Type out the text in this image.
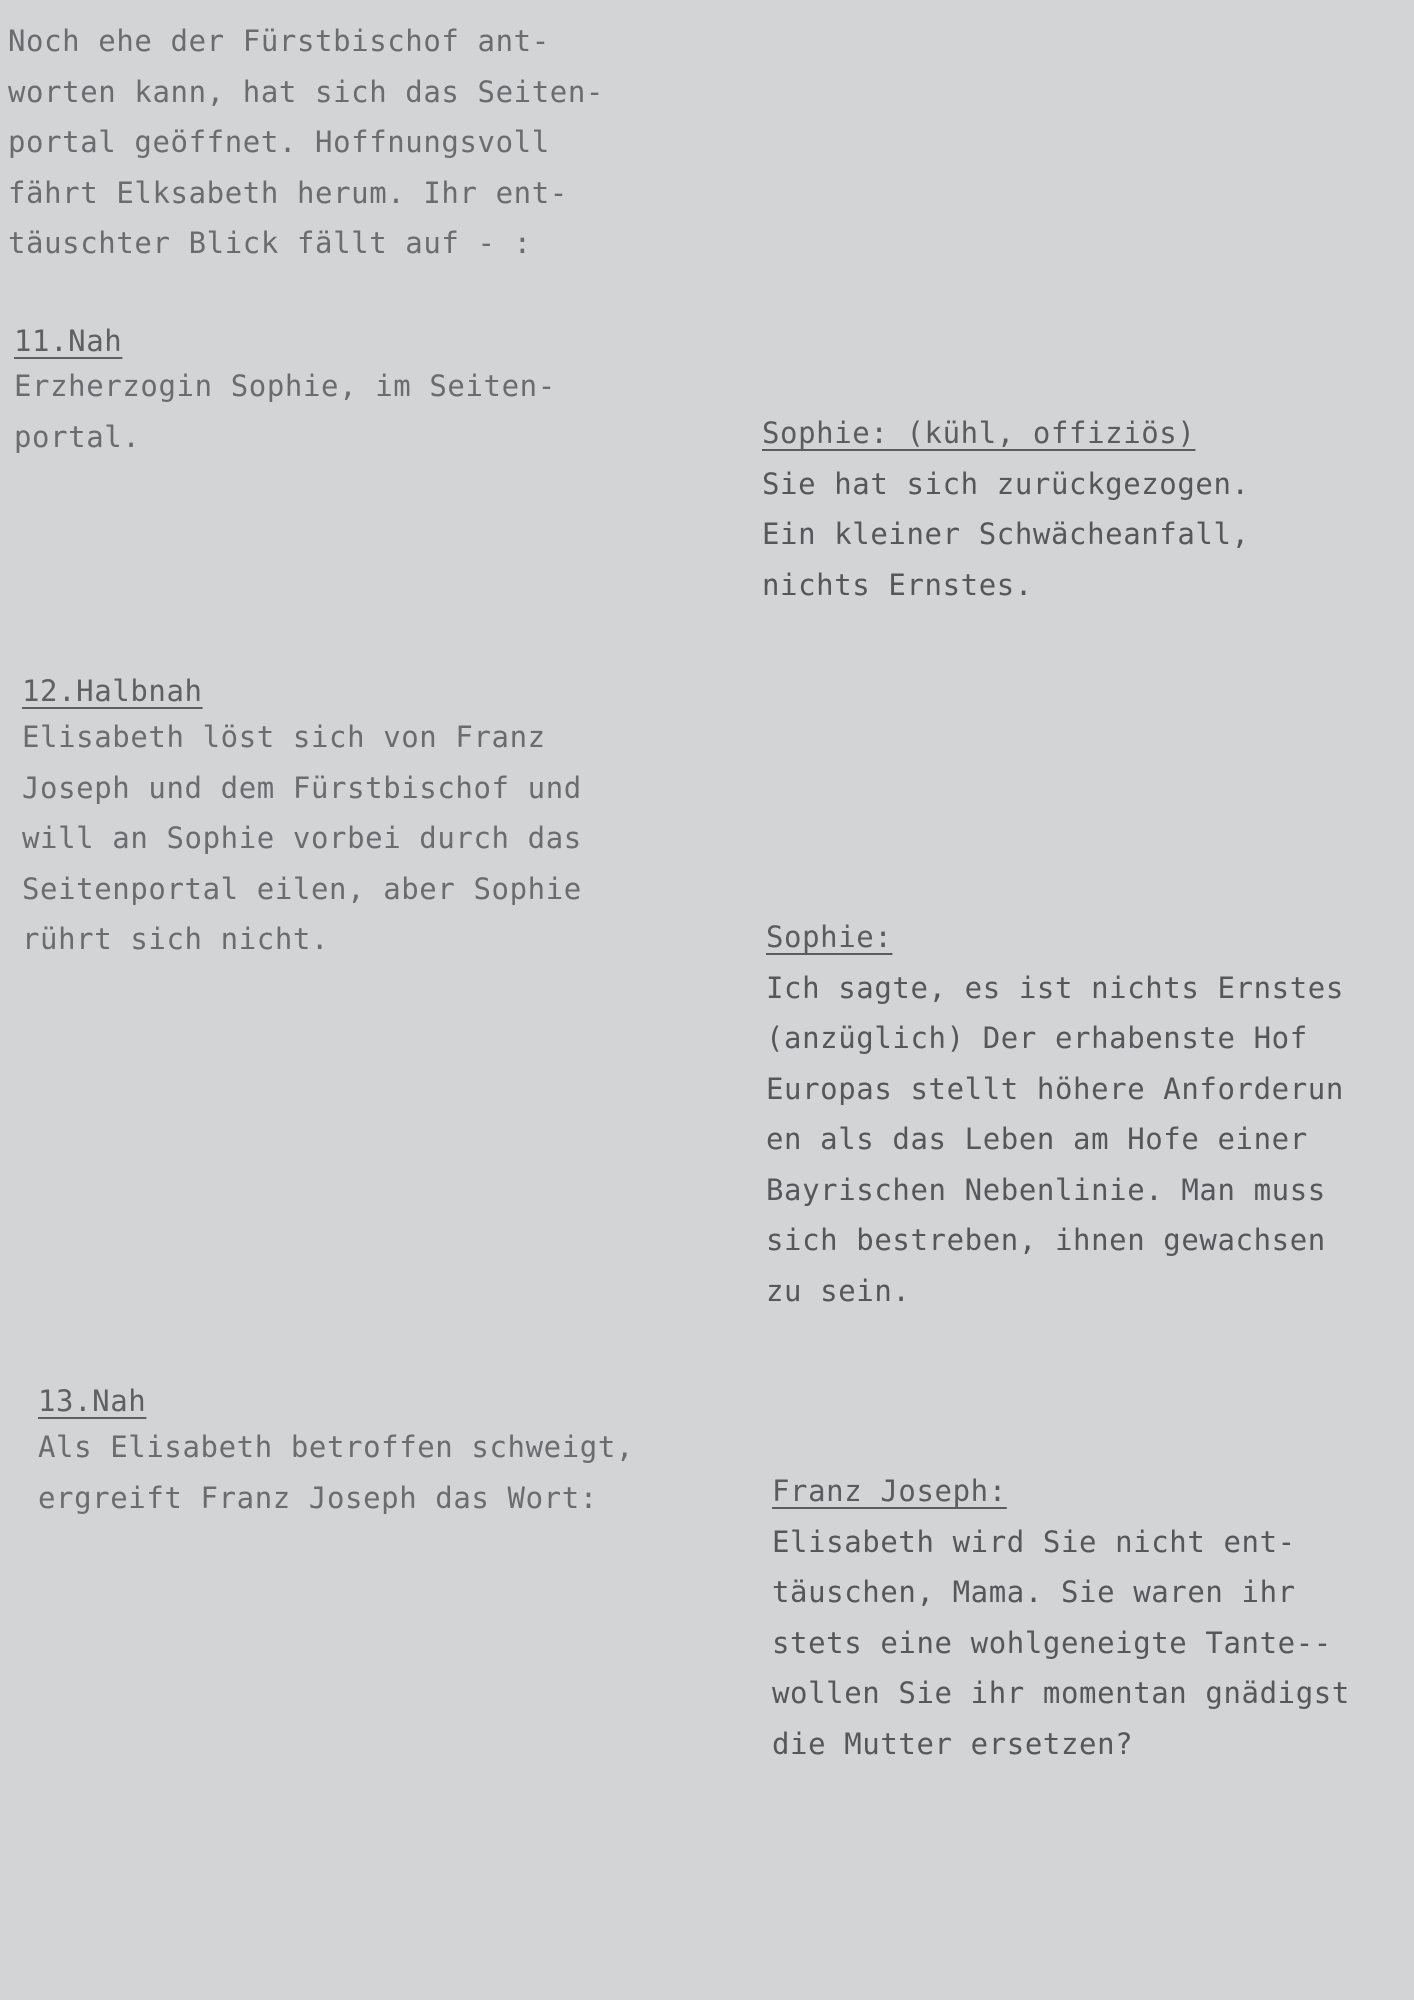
Noch ehe der Fürstbischof ant-
worten kann, hat sich das Seiten-
portal geöffnet. Hoffnungsvoll
fährt Elksabeth herum. Ihr ent-
täuschter Blick fällt auf - :
11.Nah
Erzherzogin Sophie, im Seiten-
portal.	Sophie: (kühl, offiziös)
Sie hat sich zurückgezogen.
Ein kleiner Schwächeanfall,
nichts Ernstes.
12.Halbnah
Elisabeth löst sich von Franz
Joseph und dem Fürstbischof und
will an Sophie vorbei durch das
Seitenportal eilen, aber Sophie
rührt sich nicht.	Sophie:
Ich sagte, es ist nichts Ernstes
(anzüglich) Der erhabenste Hof
Europas stellt höhere Anforderun
en als das Leben am Hofe einer
Bayrischen Nebenlinie. Man muss
sich bestreben, ihnen gewachsen
zu sein.
13.Nah
Als Elisabeth betroffen schweigt,
ergreift Franz Joseph das Wort:	Franz Joseph:
Elisabeth wird Sie nicht ent-
täuschen, Mama. Sie waren ihr
stets eine wohlgeneigte Tante--
wollen Sie ihr momentan gnädigst
die Mutter ersetzen?
